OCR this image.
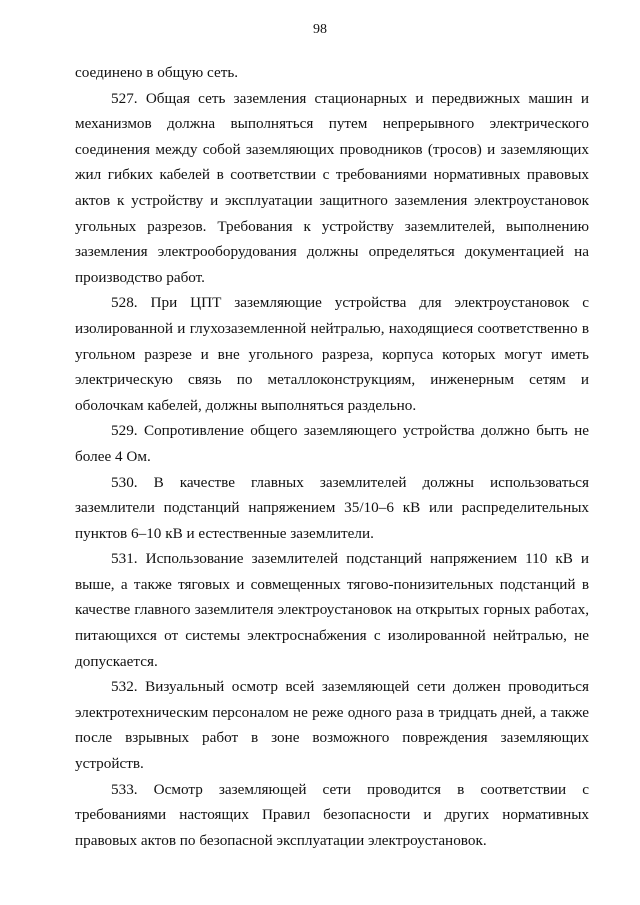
98

соединено в общую сеть.

527. Общая сеть заземления стационарных и передвижных машин и механизмов должна выполняться путем непрерывного электрического соединения между собой заземляющих проводников (тросов) и заземляющих жил гибких кабелей в соответствии с требованиями нормативных правовых актов к устройству и эксплуатации защитного заземления электроустановок угольных разрезов. Требования к устройству заземлителей, выполнению заземления электрооборудования должны определяться документацией на производство работ.

528. При ЦПТ заземляющие устройства для электроустановок с изолированной и глухозаземленной нейтралью, находящиеся соответственно в угольном разрезе и вне угольного разреза, корпуса которых могут иметь электрическую связь по металлоконструкциям, инженерным сетям и оболочкам кабелей, должны выполняться раздельно.

529. Сопротивление общего заземляющего устройства должно быть не более 4 Ом.

530. В качестве главных заземлителей должны использоваться заземлители подстанций напряжением 35/10–6 кВ или распределительных пунктов 6–10 кВ и естественные заземлители.

531. Использование заземлителей подстанций напряжением 110 кВ и выше, а также тяговых и совмещенных тягово-понизительных подстанций в качестве главного заземлителя электроустановок на открытых горных работах, питающихся от системы электроснабжения с изолированной нейтралью, не допускается.

532. Визуальный осмотр всей заземляющей сети должен проводиться электротехническим персоналом не реже одного раза в тридцать дней, а также после взрывных работ в зоне возможного повреждения заземляющих устройств.

533. Осмотр заземляющей сети проводится в соответствии с требованиями настоящих Правил безопасности и других нормативных правовых актов по безопасной эксплуатации электроустановок.
